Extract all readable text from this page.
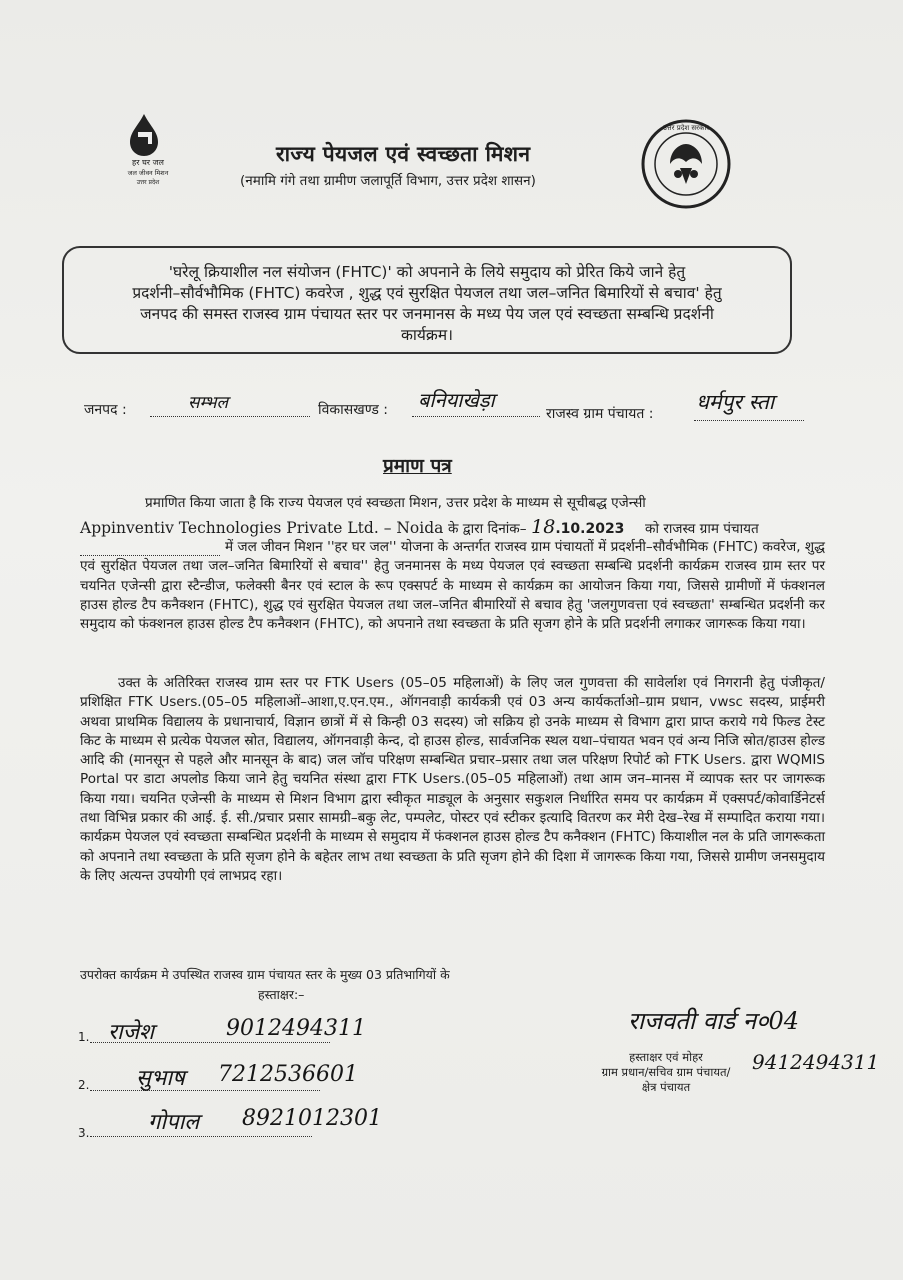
हर घर जल
जल जीवन मिशन
उत्तर प्रदेश
राज्य पेयजल एवं स्वच्छता मिशन
(नमामि गंगे तथा ग्रामीण जलापूर्ति विभाग, उत्तर प्रदेश शासन)
उत्तर प्रदेश सरकार
'घरेलू क्रियाशील नल संयोजन (FHTC)' को अपनाने के लिये समुदाय को प्रेरित किये जाने हेतु
प्रदर्शनी–सौर्वभौमिक (FHTC) कवरेज , शुद्ध एवं सुरक्षित पेयजल तथा जल–जनित बिमारियों से बचाव' हेतु
जनपद की समस्त राजस्व ग्राम पंचायत स्तर पर जनमानस के मध्य पेय जल एवं स्वच्छता सम्बन्धि प्रदर्शनी
कार्यक्रम।
जनपद :	सम्भल	विकासखण्ड : बनियाखेड़ा
राजस्व ग्राम पंचायत : धर्मपुर स्ता
प्रमाण पत्र
प्रमाणित किया जाता है कि राज्य पेयजल एवं स्वच्छता मिशन, उत्तर प्रदेश के माध्यम से सूचीबद्ध एजेन्सी
Appinventiv Technologies Private Ltd. – Noida के द्वारा दिनांक– 18.10.2023 को राजस्व ग्राम पंचायत
में जल जीवन मिशन ''हर घर जल'' योजना के अन्तर्गत राजस्व ग्राम पंचायतों में प्रदर्शनी–सौर्वभौमिक (FHTC) कवरेज, शुद्ध एवं सुरक्षित पेयजल तथा जल–जनित बिमारियों से बचाव'' हेतु जनमानस के मध्य पेयजल एवं स्वच्छता सम्बन्धि प्रदर्शनी कार्यक्रम राजस्व ग्राम स्तर पर चयनित एजेन्सी द्वारा स्टैन्डीज, फलेक्सी बैनर एवं स्टाल के रूप एक्सपर्ट के माध्यम से कार्यक्रम का आयोजन किया गया, जिससे ग्रामीणों में फंक्शनल हाउस होल्ड टैप कनैक्शन (FHTC), शुद्ध एवं सुरक्षित पेयजल तथा जल–जनित बीमारियों से बचाव हेतु 'जलगुणवत्ता एवं स्वच्छता' सम्बन्धित प्रदर्शनी कर समुदाय को फंक्शनल हाउस होल्ड टैप कनैक्शन (FHTC), को अपनाने तथा स्वच्छता के प्रति सृजग होने के प्रति प्रदर्शनी लगाकर जागरूक किया गया।
उक्त के अतिरिक्त राजस्व ग्राम स्तर पर FTK Users (05–05 महिलाओं) के लिए जल गुणवत्ता की सावेर्लाश एवं निगरानी हेतु पंजीकृत/प्रशिक्षित FTK Users.(05–05 महिलाओं–आशा,ए.एन.एम., ऑगनवाड़ी कार्यकत्री एवं 03 अन्य कार्यकर्ताओ–ग्राम प्रधान, vwsc सदस्य, प्राईमरी अथवा प्राथमिक विद्यालय के प्रधानाचार्य, विज्ञान छात्रों में से किन्ही 03 सदस्य) जो सक्रिय हो उनके माध्यम से विभाग द्वारा प्राप्त कराये गये फिल्ड टेस्ट किट के माध्यम से प्रत्येक पेयजल स्रोत, विद्यालय, ऑगनवाड़ी केन्द, दो हाउस होल्ड, सार्वजनिक स्थल यथा–पंचायत भवन एवं अन्य निजि स्रोत/हाउस होल्ड आदि की (मानसून से पहले और मानसून के बाद) जल जॉच परिक्षण सम्बन्धित प्रचार–प्रसार तथा जल परिक्षण रिपोर्ट को FTK Users. द्वारा WQMIS Portal पर डाटा अपलोड किया जाने हेतु चयनित संस्था द्वारा FTK Users.(05–05 महिलाओं) तथा आम जन–मानस में व्यापक स्तर पर जागरूक किया गया। चयनित एजेन्सी के माध्यम से मिशन विभाग द्वारा स्वीकृत माड्यूल के अनुसार सकुशल निर्धारित समय पर कार्यक्रम में एक्सपर्ट/कोवार्डिनेटर्स तथा विभिन्न प्रकार की आई. ई. सी./प्रचार प्रसार सामग्री–बकु लेट, पम्पलेट, पोस्टर एवं स्टीकर इत्यादि वितरण कर मेरी देख–रेख में सम्पादित कराया गया। कार्यक्रम पेयजल एवं स्वच्छता सम्बन्धित प्रदर्शनी के माध्यम से समुदाय में फंक्शनल हाउस होल्ड टैप कनैक्शन (FHTC) कियाशील नल के प्रति जागरूकता को अपनाने तथा स्वच्छता के प्रति सृजग होने के बहेतर लाभ तथा स्वच्छता के प्रति सृजग होने की दिशा में जागरूक किया गया, जिससे ग्रामीण जनसमुदाय के लिए अत्यन्त उपयोगी एवं लाभप्रद रहा।
उपरोक्त कार्यक्रम मे उपस्थित राजस्व ग्राम पंचायत स्तर के मुख्य 03 प्रतिभागियों के
हस्ताक्षर:–
1. राजेश	9012494311
2. सुभाष 7212536601
3.	गोपाल 8921012301
राजवती वार्ड न०04
9412494311
हस्ताक्षर एवं मोहर
ग्राम प्रधान/सचिव ग्राम पंचायत/
क्षेत्र पंचायत
